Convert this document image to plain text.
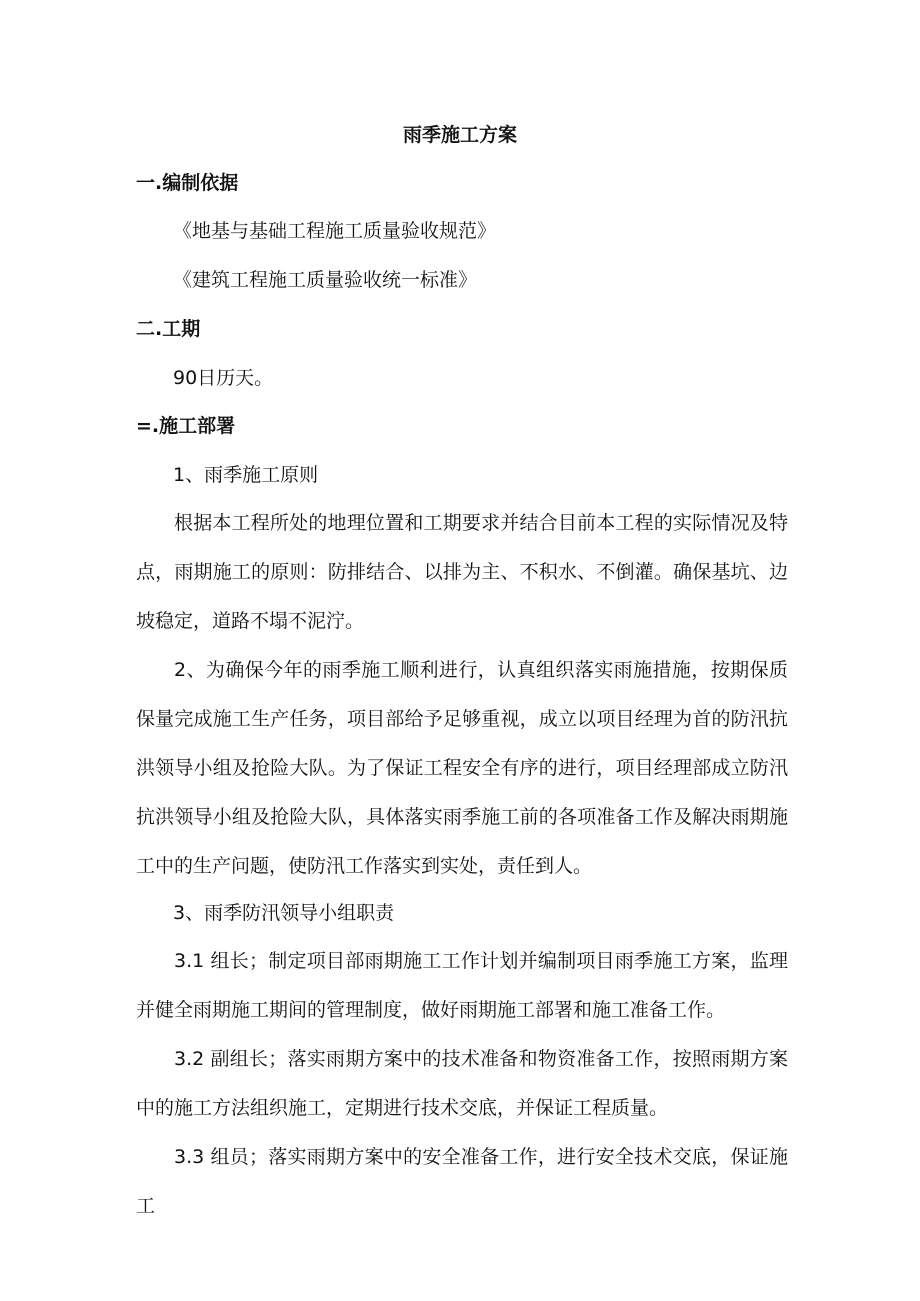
雨季施工方案
一.编制依据
《地基与基础工程施工质量验收规范》
《建筑工程施工质量验收统一标准》
二.工期
90日历天。
=.施工部署
1、雨季施工原则

根据本工程所处的地理位置和工期要求并结合目前本工程的实际情况及特点，雨期施工的原则：防排结合、以排为主、不积水、不倒灌。确保基坑、边坡稳定，道路不塌不泥泞。

2、为确保今年的雨季施工顺利进行，认真组织落实雨施措施，按期保质保量完成施工生产任务，项目部给予足够重视，成立以项目经理为首的防汛抗洪领导小组及抢险大队。为了保证工程安全有序的进行，项目经理部成立防汛抗洪领导小组及抢险大队，具体落实雨季施工前的各项准备工作及解决雨期施工中的生产问题，使防汛工作落实到实处，责任到人。

3、雨季防汛领导小组职责

3.1 组长；制定项目部雨期施工工作计划并编制项目雨季施工方案，监理并健全雨期施工期间的管理制度，做好雨期施工部署和施工准备工作。

3.2 副组长；落实雨期方案中的技术准备和物资准备工作，按照雨期方案中的施工方法组织施工，定期进行技术交底，并保证工程质量。

3.3 组员；落实雨期方案中的安全准备工作，进行安全技术交底，保证施工
